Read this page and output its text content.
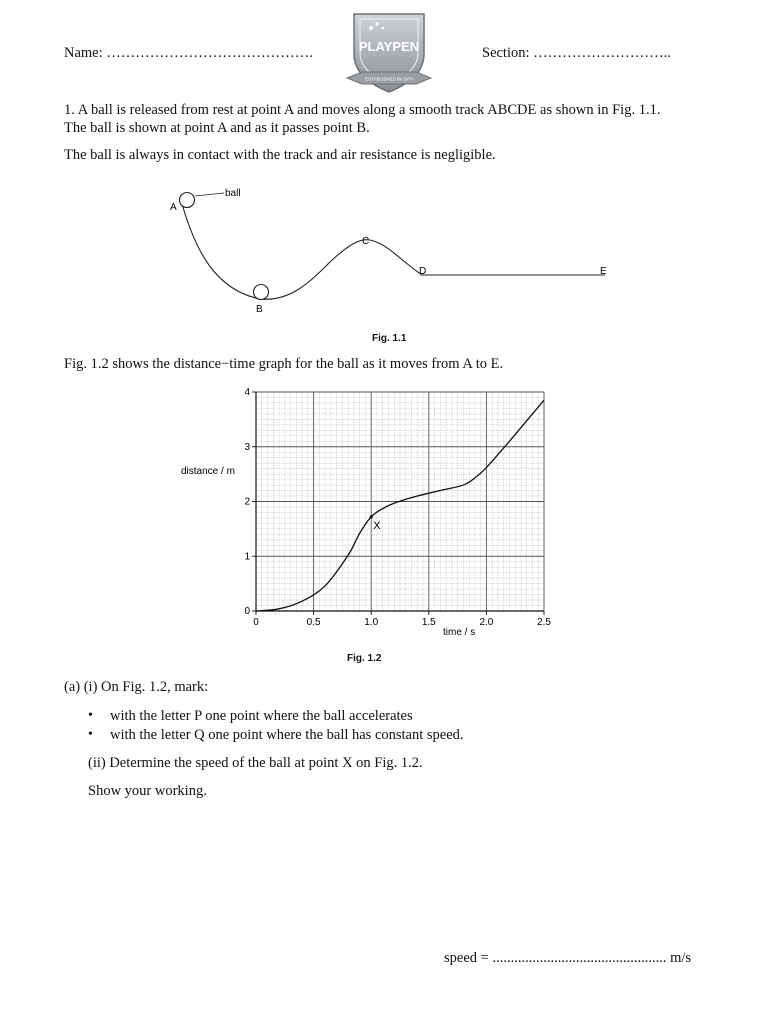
Name: …………………………………….	Section: ………………………..
PLAYPEN
ESTABLISHED IN 1970
1. A ball is released from rest at point A and moves along a smooth track ABCDE as shown in Fig. 1.1.
The ball is shown at point A and as it passes point B.
The ball is always in contact with the track and air resistance is negligible.
ball
A
B
C
D	E
Fig. 1.1
Fig. 1.2 shows the distance−time graph for the ball as it moves from A to E.
0	0.5	1.0	1.5	2.0	2.5
0
1
2
3
4
X
distance / m
time / s
Fig. 1.2
(a) (i) On Fig. 1.2, mark:
• with the letter P one point where the ball accelerates
• with the letter Q one point where the ball has constant speed.
(ii) Determine the speed of the ball at point X on Fig. 1.2.
Show your working.
speed = ................................................ m/s
